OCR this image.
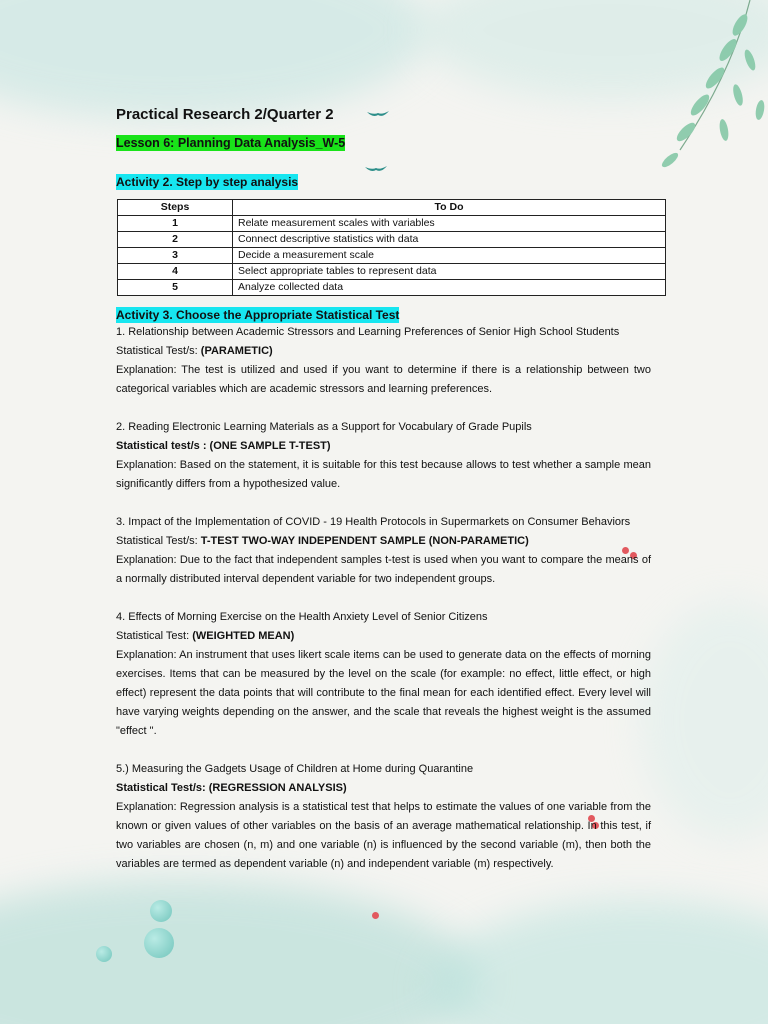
Practical Research 2/Quarter 2
Lesson 6: Planning Data Analysis_W-5
Activity 2. Step by step analysis
Steps	To Do
1	Relate measurement scales with variables
2	Connect descriptive statistics with data
3	Decide a measurement scale
4	Select appropriate tables to represent data
5	Analyze collected data
Activity 3. Choose the Appropriate Statistical Test

1. Relationship between Academic Stressors and Learning Preferences of Senior High School Students

Statistical Test/s: (PARAMETIC)

Explanation: The test is utilized and used if you want to determine if there is a relationship between two categorical variables which are academic stressors and learning preferences.

2. Reading Electronic Learning Materials as a Support for Vocabulary of Grade Pupils

Statistical test/s : (ONE SAMPLE T-TEST)

Explanation: Based on the statement, it is suitable for this test because allows to test whether a sample mean significantly differs from a hypothesized value.

3. Impact of the Implementation of COVID - 19 Health Protocols in Supermarkets on Consumer Behaviors

Statistical Test/s: T-TEST TWO-WAY INDEPENDENT SAMPLE (NON-PARAMETIC)

Explanation: Due to the fact that independent samples t-test is used when you want to compare the means of a normally distributed interval dependent variable for two independent groups.

4. Effects of Morning Exercise on the Health Anxiety Level of Senior Citizens

Statistical Test: (WEIGHTED MEAN)

Explanation: An instrument that uses likert scale items can be used to generate data on the effects of morning exercises. Items that can be measured by the level on the scale (for example: no effect, little effect, or high effect) represent the data points that will contribute to the final mean for each identified effect. Every level will have varying weights depending on the answer, and the scale that reveals the highest weight is the assumed "effect ".

5.) Measuring the Gadgets Usage of Children at Home during Quarantine

Statistical Test/s: (REGRESSION ANALYSIS)

Explanation: Regression analysis is a statistical test that helps to estimate the values of one variable from the known or given values of other variables on the basis of an average mathematical relationship. In this test, if two variables are chosen (n, m) and one variable (n) is influenced by the second variable (m), then both the variables are termed as dependent variable (n) and independent variable (m) respectively.
